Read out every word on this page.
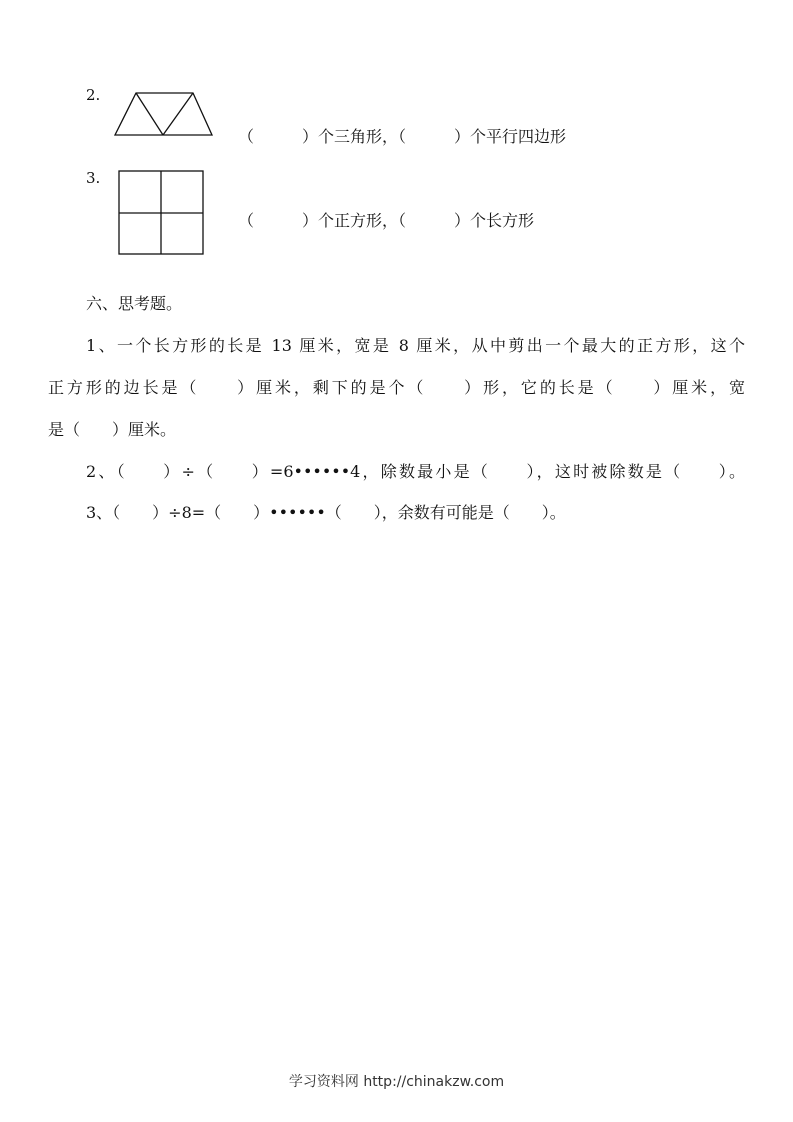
2.
（　　　）个三角形，（　　　）个平行四边形
3.
（　　　）个正方形，（　　　）个长方形
六、思考题。
1、一个长方形的长是 13 厘米，宽是 8 厘米，从中剪出一个最大的正方形，这个
正方形的边长是（　　）厘米，剩下的是个（　　）形，它的长是（　　）厘米，宽
是（　　）厘米。
2、（　　）÷（　　）=6••••••4，除数最小是（　　），这时被除数是（　　）。
3、（　　）÷8=（　　）••••••（　　），余数有可能是（　　）。
学习资料网 http://chinakzw.com
